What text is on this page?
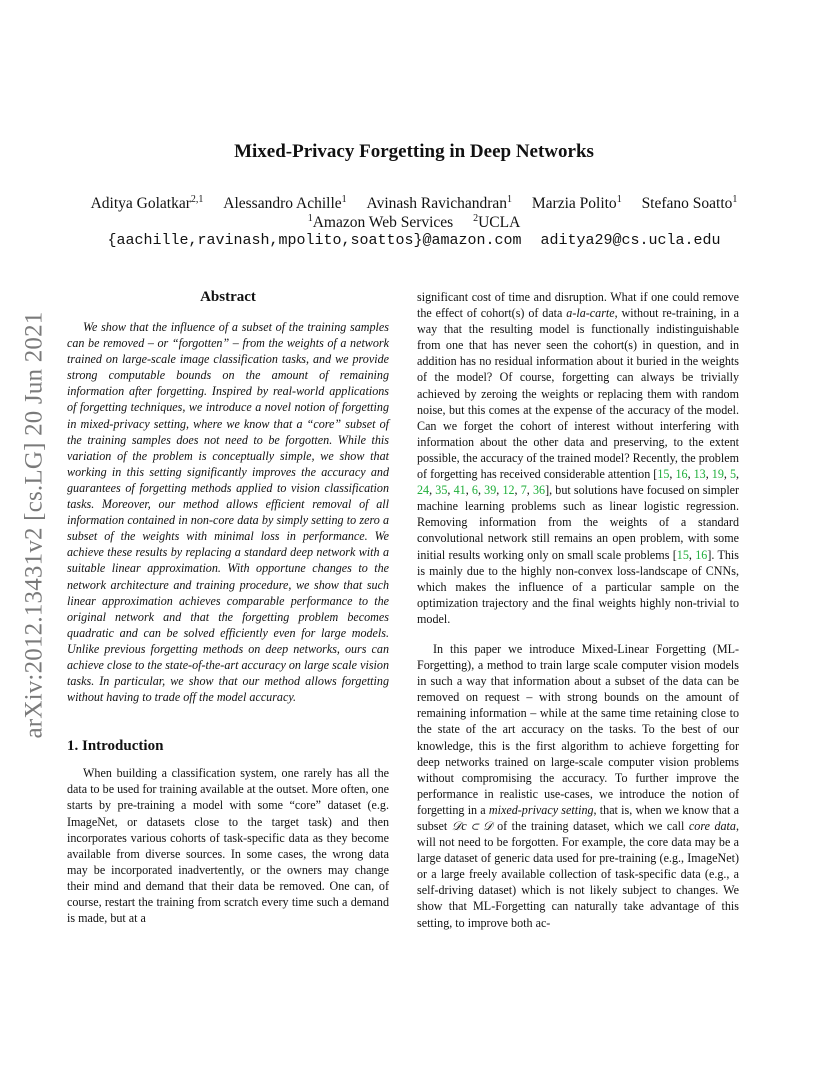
arXiv:2012.13431v2 [cs.LG] 20 Jun 2021
Mixed-Privacy Forgetting in Deep Networks
Aditya Golatkar$^{2,1}$ Alessandro Achille$^1$ Avinash Ravichandran$^1$ Marzia Polito$^1$ Stefano Soatto$^1$
$^1$Amazon Web Services $^2$UCLA
{aachille,ravinash,mpolito,soattos}@amazon.com aditya29@cs.ucla.edu
Abstract

We show that the influence of a subset of the training samples can be removed – or “forgotten” – from the weights of a network trained on large-scale image classification tasks, and we provide strong computable bounds on the amount of remaining information after forgetting. Inspired by real-world applications of forgetting techniques, we introduce a novel notion of forgetting in mixed-privacy setting, where we know that a “core” subset of the training samples does not need to be forgotten. While this variation of the problem is conceptually simple, we show that working in this setting significantly improves the accuracy and guarantees of forgetting methods applied to vision classification tasks. Moreover, our method allows efficient removal of all information contained in non-core data by simply setting to zero a subset of the weights with minimal loss in performance. We achieve these results by replacing a standard deep network with a suitable linear approximation. With opportune changes to the network architecture and training procedure, we show that such linear approximation achieves comparable performance to the original network and that the forgetting problem becomes quadratic and can be solved efficiently even for large models. Unlike previous forgetting methods on deep networks, ours can achieve close to the state-of-the-art accuracy on large scale vision tasks. In particular, we show that our method allows forgetting without having to trade off the model accuracy.

1. Introduction

When building a classification system, one rarely has all the data to be used for training available at the outset. More often, one starts by pre-training a model with some “core” dataset (e.g. ImageNet, or datasets close to the target task) and then incorporates various cohorts of task-specific data as they become available from diverse sources. In some cases, the wrong data may be incorporated inadvertently, or the owners may change their mind and demand that their data be removed. One can, of course, restart the training from scratch every time such a demand is made, but at a

significant cost of time and disruption. What if one could remove the effect of cohort(s) of data a-la-carte, without re-training, in a way that the resulting model is functionally indistinguishable from one that has never seen the cohort(s) in question, and in addition has no residual information about it buried in the weights of the model? Of course, forgetting can always be trivially achieved by zeroing the weights or replacing them with random noise, but this comes at the expense of the accuracy of the model. Can we forget the cohort of interest without interfering with information about the other data and preserving, to the extent possible, the accuracy of the trained model? Recently, the problem of forgetting has received considerable attention [15, 16, 13, 19, 5, 24, 35, 41, 6, 39, 12, 7, 36], but solutions have focused on simpler machine learning problems such as linear logistic regression. Removing information from the weights of a standard convolutional network still remains an open problem, with some initial results working only on small scale problems [15, 16]. This is mainly due to the highly non-convex loss-landscape of CNNs, which makes the influence of a particular sample on the optimization trajectory and the final weights highly non-trivial to model.

In this paper we introduce Mixed-Linear Forgetting (ML-Forgetting), a method to train large scale computer vision models in such a way that information about a subset of the data can be removed on request – with strong bounds on the amount of remaining information – while at the same time retaining close to the state of the art accuracy on the tasks. To the best of our knowledge, this is the first algorithm to achieve forgetting for deep networks trained on large-scale computer vision problems without compromising the accuracy. To further improve the performance in realistic use-cases, we introduce the notion of forgetting in a mixed-privacy setting, that is, when we know that a subset 𝒟c ⊂ 𝒟 of the training dataset, which we call core data, will not need to be forgotten. For example, the core data may be a large dataset of generic data used for pre-training (e.g., ImageNet) or a large freely available collection of task-specific data (e.g., a self-driving dataset) which is not likely subject to changes. We show that ML-Forgetting can naturally take advantage of this setting, to improve both ac-
